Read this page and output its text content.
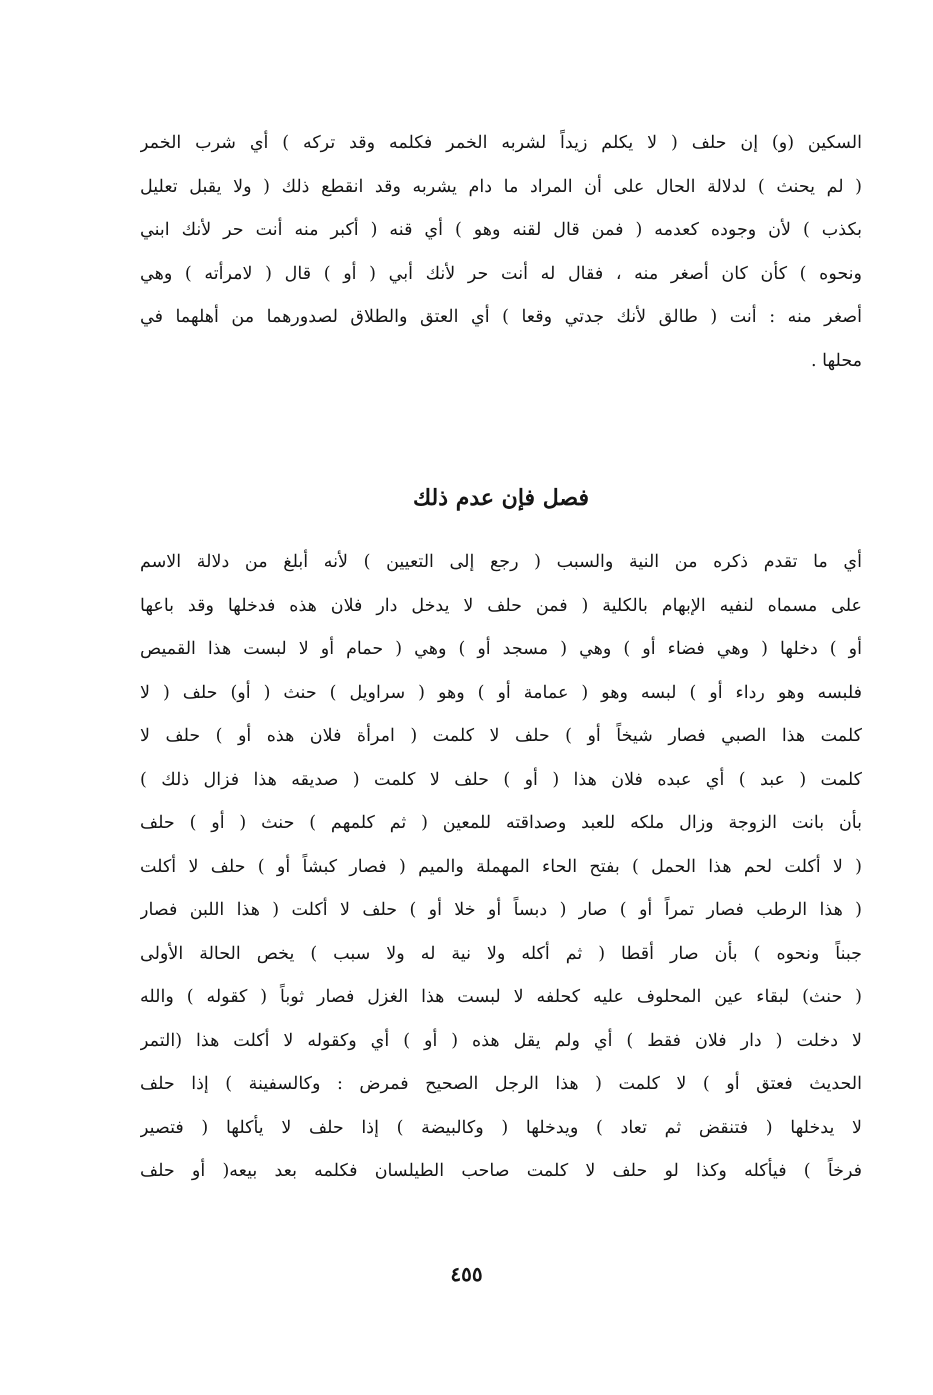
السكين (و) إن حلف ( لا يكلم زيداً لشربه الخمر فكلمه وقد تركه ) أي شرب الخمر
( لم يحنث ) لدلالة الحال على أن المراد ما دام يشربه وقد انقطع ذلك ( ولا يقبل تعليل
بكذب ) لأن وجوده كعدمه ( فمن قال لقنه وهو ) أي قنه ( أكبر منه أنت حر لأنك ابني
ونحوه ) كأن كان أصغر منه ، فقال له أنت حر لأنك أبي ( أو ) قال ( لامرأته ) وهي
أصغر منه : أنت ( طالق لأنك جدتي وقعا ) أي العتق والطلاق لصدورهما من أهلهما في
محلها .
فصل فإن عدم ذلك
أي ما تقدم ذكره من النية والسبب ( رجع إلى التعيين ) لأنه أبلغ من دلالة الاسم
على مسماه لنفيه الإبهام بالكلية ( فمن حلف لا يدخل دار فلان هذه فدخلها وقد باعها
أو ) دخلها ( وهي فضاء أو ) وهي ( مسجد أو ) وهي ( حمام أو لا لبست هذا القميص
فلبسه وهو رداء أو ) لبسه وهو ( عمامة أو ) وهو ( سراويل ) حنث ( أو) حلف ( لا
كلمت هذا الصبي فصار شيخاً أو ) حلف لا كلمت ( امرأة فلان هذه أو ) حلف لا
كلمت ( عبد ) أي عبده فلان هذا ( أو ) حلف لا كلمت ( صديقه هذا فزال ذلك )
بأن بانت الزوجة وزال ملكه للعبد وصداقته للمعين ( ثم كلمهم ) حنث ( أو ) حلف
( لا أكلت لحم هذا الحمل ) بفتح الحاء المهملة والميم ( فصار كبشاً أو ) حلف لا أكلت
( هذا الرطب فصار تمراً أو ) صار ( دبساً أو خلا أو ) حلف لا أكلت ( هذا اللبن فصار
جبناً ونحوه ) بأن صار أقطا ( ثم أكله ولا نية له ولا سبب ) يخص الحالة الأولى
( حنث) لبقاء عين المحلوف عليه كحلفه لا لبست هذا الغزل فصار ثوباً ( كقوله ) والله
لا دخلت ( دار فلان فقط ) أي ولم يقل هذه ( أو ) أي وكقوله لا أكلت هذا (التمر
الحديث فعتق أو ) لا كلمت ( هذا الرجل الصحيح فمرض : وكالسفينة ) إذا حلف
لا يدخلها ( فتنقض ثم تعاد ) ويدخلها ( وكالبيضة ) إذا حلف لا يأكلها ( فتصير
فرخاً ) فيأكله وكذا لو حلف لا كلمت صاحب الطيلسان فكلمه بعد بيعه( أو حلف
٤٥٥
